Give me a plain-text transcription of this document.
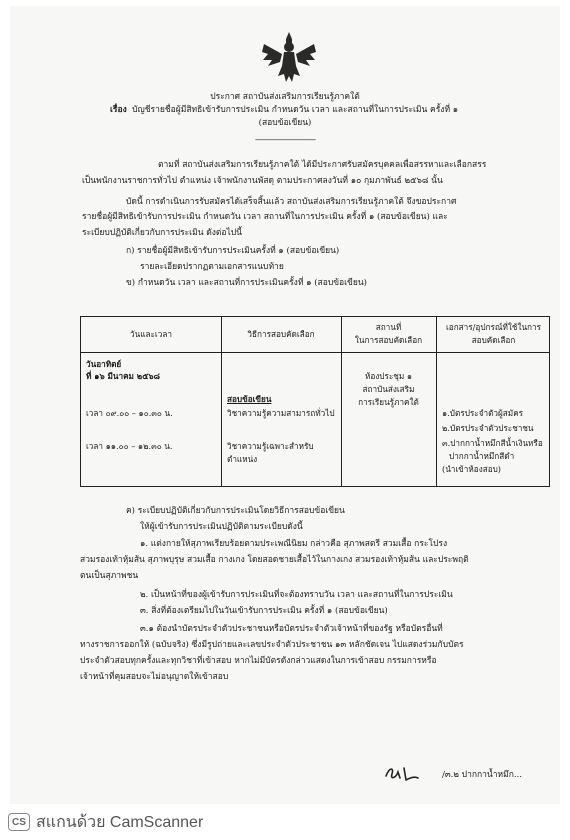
ประกาศ สถาบันส่งเสริมการเรียนรู้ภาคใต้
เรื่อง บัญชีรายชื่อผู้มีสิทธิเข้ารับการประเมิน กำหนดวัน เวลา และสถานที่ในการประเมิน ครั้งที่ ๑
(สอบข้อเขียน)
--------------------------------------------
ตามที่ สถาบันส่งเสริมการเรียนรู้ภาคใต้ ได้มีประกาศรับสมัครบุคคลเพื่อสรรหาและเลือกสรร
เป็นพนักงานราชการทั่วไป ตำแหน่ง เจ้าพนักงานพัสดุ ตามประกาศลงวันที่ ๑๐ กุมภาพันธ์ ๒๕๖๘ นั้น
บัดนี้ การดำเนินการรับสมัครได้เสร็จสิ้นแล้ว สถาบันส่งเสริมการเรียนรู้ภาคใต้ จึงขอประกาศ
รายชื่อผู้มีสิทธิเข้ารับการประเมิน กำหนดวัน เวลา สถานที่ในการประเมิน ครั้งที่ ๑ (สอบข้อเขียน) และ
ระเบียบปฏิบัติเกี่ยวกับการประเมิน ดังต่อไปนี้
ก) รายชื่อผู้มีสิทธิเข้ารับการประเมินครั้งที่ ๑ (สอบข้อเขียน)
รายละเอียดปรากฏตามเอกสารแนบท้าย
ข) กำหนดวัน เวลา และสถานที่การประเมินครั้งที่ ๑ (สอบข้อเขียน)
วันและเวลา	วิธีการสอบคัดเลือก
สถานที่
ในการสอบคัดเลือก
เอกสาร/อุปกรณ์ที่ใช้ในการ
สอบคัดเลือก
วันอาทิตย์
ที่ ๑๖ มีนาคม ๒๕๖๘
เวลา ๐๙.๐๐ – ๑๐.๓๐ น.
เวลา ๑๑.๐๐ – ๑๒.๓๐ น.
สอบข้อเขียน
วิชาความรู้ความสามารถทั่วไป
วิชาความรู้เฉพาะสำหรับ
ตำแหน่ง
ห้องประชุม ๑
สถาบันส่งเสริม
การเรียนรู้ภาคใต้
๑.บัตรประจำตัวผู้สมัคร
๒.บัตรประจำตัวประชาชน
๓.ปากกาน้ำหมึกสีน้ำเงินหรือ
ปากกาน้ำหมึกสีดำ
(นำเข้าห้องสอบ)
ค) ระเบียบปฏิบัติเกี่ยวกับการประเมินโดยวิธีการสอบข้อเขียน
ให้ผู้เข้ารับการประเมินปฏิบัติตามระเบียบดังนี้
๑. แต่งกายให้สุภาพเรียบร้อยตามประเพณีนิยม กล่าวคือ สุภาพสตรี สวมเสื้อ กระโปรง
สวมรองเท้าหุ้มส้น สุภาพบุรุษ สวมเสื้อ กางเกง โดยสอดชายเสื้อไว้ในกางเกง สวมรองเท้าหุ้มส้น และประพฤติ
ตนเป็นสุภาพชน
๒. เป็นหน้าที่ของผู้เข้ารับการประเมินที่จะต้องทราบวัน เวลา และสถานที่ในการประเมิน
๓. สิ่งที่ต้องเตรียมไปในวันเข้ารับการประเมิน ครั้งที่ ๑ (สอบข้อเขียน)
๓.๑ ต้องนำบัตรประจำตัวประชาชนหรือบัตรประจำตัวเจ้าหน้าที่ของรัฐ หรือบัตรอื่นที่
ทางราชการออกให้ (ฉบับจริง) ซึ่งมีรูปถ่ายและเลขประจำตัวประชาชน ๑๓ หลักชัดเจน ไปแสดงร่วมกับบัตร
ประจำตัวสอบทุกครั้งและทุกวิชาที่เข้าสอบ หากไม่มีบัตรดังกล่าวแสดงในการเข้าสอบ กรรมการหรือ
เจ้าหน้าที่คุมสอบจะไม่อนุญาตให้เข้าสอบ
/๓.๒ ปากกาน้ำหมึก...
CS สแกนด้วย CamScanner
